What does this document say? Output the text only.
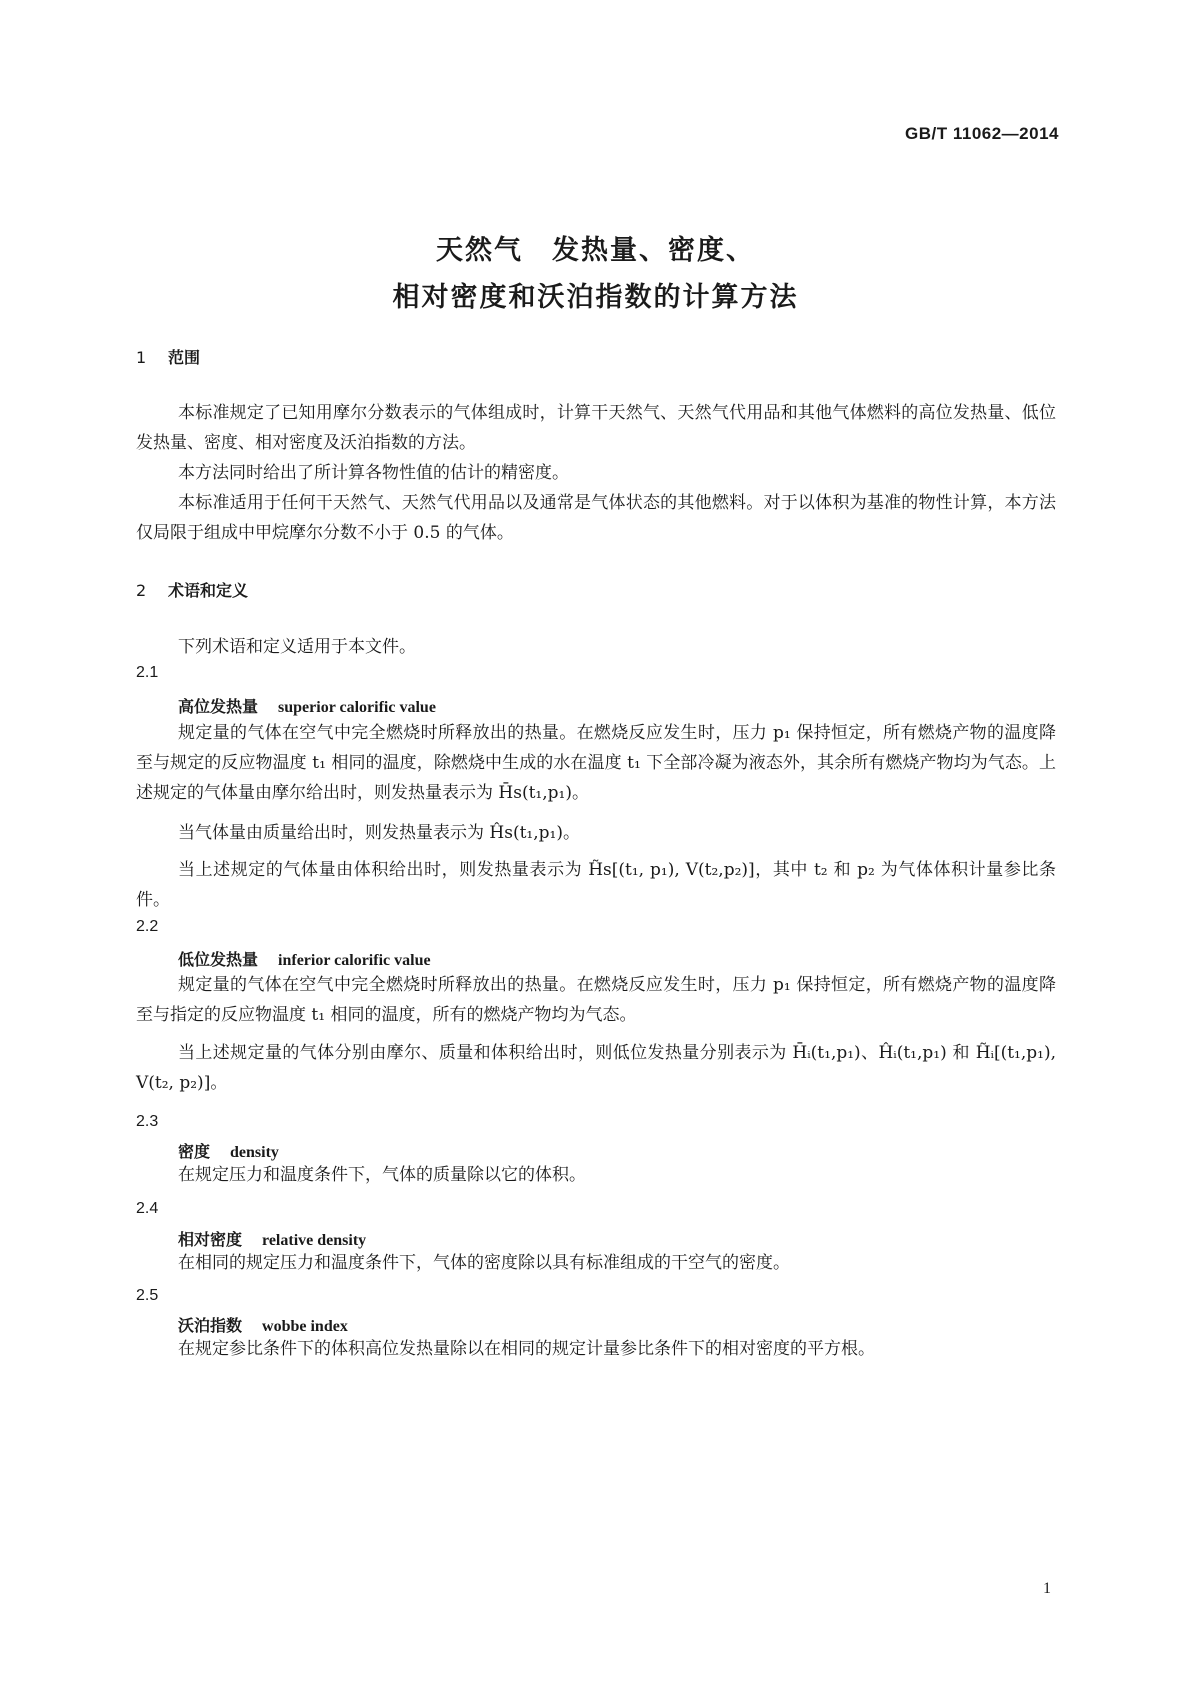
GB/T 11062—2014
天然气　发热量、密度、
相对密度和沃泊指数的计算方法
1 范围
本标准规定了已知用摩尔分数表示的气体组成时，计算干天然气、天然气代用品和其他气体燃料的高位发热量、低位发热量、密度、相对密度及沃泊指数的方法。
本方法同时给出了所计算各物性值的估计的精密度。
本标准适用于任何干天然气、天然气代用品以及通常是气体状态的其他燃料。对于以体积为基准的物性计算，本方法仅局限于组成中甲烷摩尔分数不小于 0.5 的气体。
2 术语和定义
下列术语和定义适用于本文件。
2.1
高位发热量 superior calorific value
规定量的气体在空气中完全燃烧时所释放出的热量。在燃烧反应发生时，压力 p₁ 保持恒定，所有燃烧产物的温度降至与规定的反应物温度 t₁ 相同的温度，除燃烧中生成的水在温度 t₁ 下全部冷凝为液态外，其余所有燃烧产物均为气态。上述规定的气体量由摩尔给出时，则发热量表示为 H̄s(t₁,p₁)。
当气体量由质量给出时，则发热量表示为 Ĥs(t₁,p₁)。
当上述规定的气体量由体积给出时，则发热量表示为 H̃s[(t₁, p₁), V(t₂,p₂)]，其中 t₂ 和 p₂ 为气体体积计量参比条件。
2.2
低位发热量 inferior calorific value
规定量的气体在空气中完全燃烧时所释放出的热量。在燃烧反应发生时，压力 p₁ 保持恒定，所有燃烧产物的温度降至与指定的反应物温度 t₁ 相同的温度，所有的燃烧产物均为气态。
当上述规定量的气体分别由摩尔、质量和体积给出时，则低位发热量分别表示为 H̄ᵢ(t₁,p₁)、Ĥᵢ(t₁,p₁) 和 H̃ᵢ[(t₁,p₁), V(t₂, p₂)]。
2.3
密度 density
在规定压力和温度条件下，气体的质量除以它的体积。
2.4
相对密度 relative density
在相同的规定压力和温度条件下，气体的密度除以具有标准组成的干空气的密度。
2.5
沃泊指数 wobbe index
在规定参比条件下的体积高位发热量除以在相同的规定计量参比条件下的相对密度的平方根。
1
